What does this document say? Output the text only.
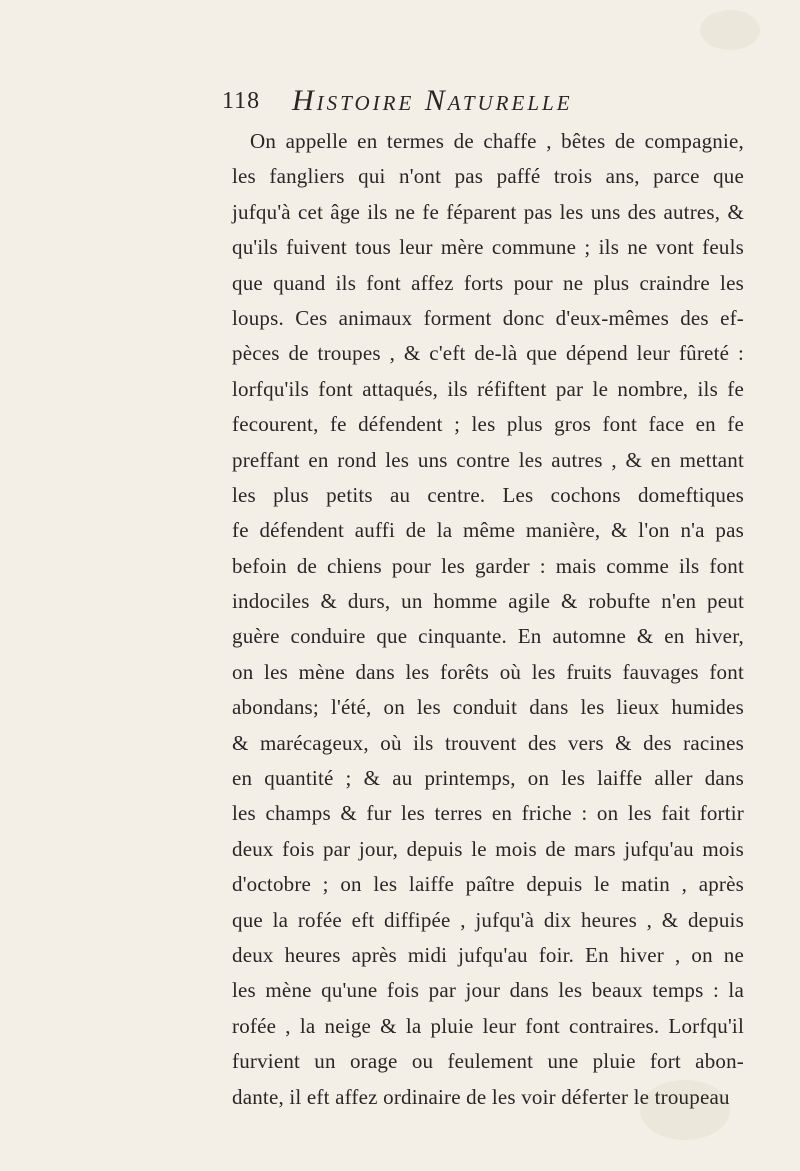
118 Histoire Naturelle
On appelle en termes de chaffe , bêtes de compagnie,
les fangliers qui n'ont pas paffé trois ans, parce que
jufqu'à cet âge ils ne fe féparent pas les uns des autres, &
qu'ils fuivent tous leur mère commune ; ils ne vont feuls
que quand ils font affez forts pour ne plus craindre les
loups. Ces animaux forment donc d'eux-mêmes des ef-
pèces de troupes , & c'eft de-là que dépend leur fûreté :
lorfqu'ils font attaqués, ils réfiftent par le nombre, ils fe
fecourent, fe défendent ; les plus gros font face en fe
preffant en rond les uns contre les autres , & en mettant
les plus petits au centre. Les cochons domeftiques
fe défendent auffi de la même manière, & l'on n'a pas
befoin de chiens pour les garder : mais comme ils font
indociles & durs, un homme agile & robufte n'en peut
guère conduire que cinquante. En automne & en hiver,
on les mène dans les forêts où les fruits fauvages font
abondans; l'été, on les conduit dans les lieux humides
& marécageux, où ils trouvent des vers & des racines
en quantité ; & au printemps, on les laiffe aller dans
les champs & fur les terres en friche : on les fait fortir
deux fois par jour, depuis le mois de mars jufqu'au mois
d'octobre ; on les laiffe paître depuis le matin , après
que la rofée eft diffipée , jufqu'à dix heures , & depuis
deux heures après midi jufqu'au foir. En hiver , on ne
les mène qu'une fois par jour dans les beaux temps : la
rofée , la neige & la pluie leur font contraires. Lorfqu'il
furvient un orage ou feulement une pluie fort abon-
dante, il eft affez ordinaire de les voir déferter le troupeau
